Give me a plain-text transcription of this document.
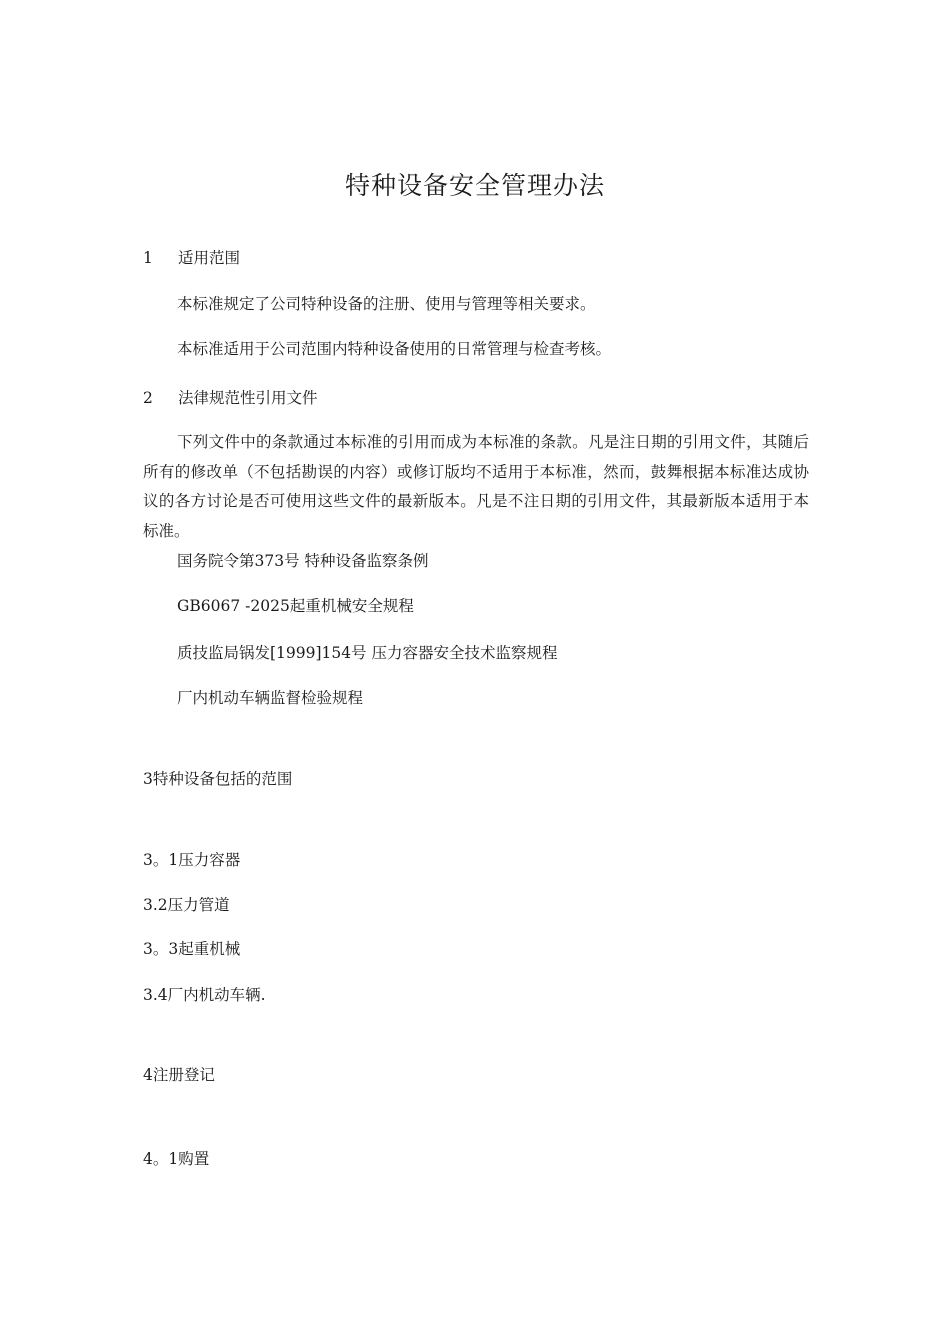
特种设备安全管理办法
1 适用范围
本标准规定了公司特种设备的注册、使用与管理等相关要求。
本标准适用于公司范围内特种设备使用的日常管理与检查考核。
2 法律规范性引用文件
下列文件中的条款通过本标准的引用而成为本标准的条款。凡是注日期的引用文件，其随后所有的修改单（不包括勘误的内容）或修订版均不适用于本标准，然而，鼓舞根据本标准达成协议的各方讨论是否可使用这些文件的最新版本。凡是不注日期的引用文件，其最新版本适用于本标准。
国务院令第373号 特种设备监察条例
GB6067 -2025起重机械安全规程
质技监局锅发[1999]154号 压力容器安全技术监察规程
厂内机动车辆监督检验规程
3特种设备包括的范围
3。1压力容器
3.2压力管道
3。3起重机械
3.4厂内机动车辆.
4注册登记
4。1购置
